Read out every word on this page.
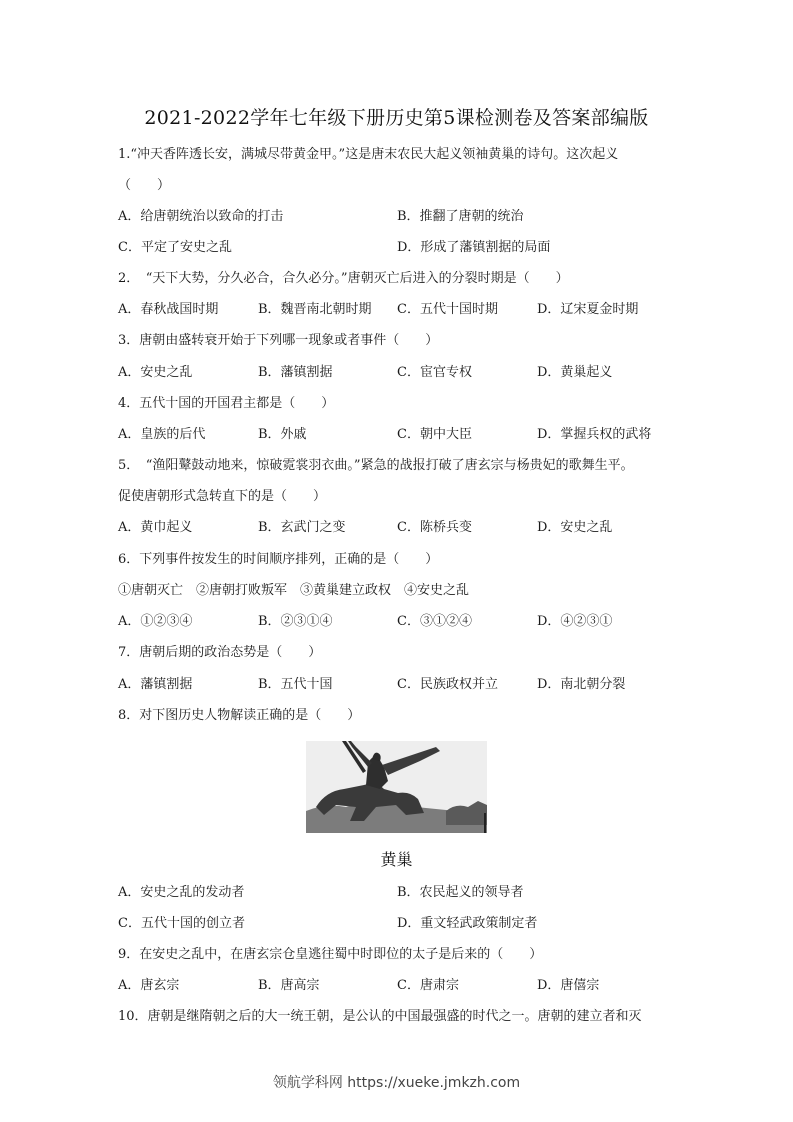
2021-2022学年七年级下册历史第5课检测卷及答案部编版
1.“冲天香阵透长安，满城尽带黄金甲。”这是唐末农民大起义领袖黄巢的诗句。这次起义
（　　）
A．给唐朝统治以致命的打击	B．推翻了唐朝的统治
C．平定了安史之乱	D．形成了藩镇割据的局面
2．　“天下大势，分久必合，合久必分。”唐朝灭亡后进入的分裂时期是（　　）
A．春秋战国时期	B．魏晋南北朝时期 C．五代十国时期	D．辽宋夏金时期
3．唐朝由盛转衰开始于下列哪一现象或者事件（　　）
A．安史之乱	B．藩镇割据	C．宦官专权	D．黄巢起义
4．五代十国的开国君主都是（　　）
A．皇族的后代	B．外戚	C．朝中大臣	D．掌握兵权的武将
5．　“渔阳鼙鼓动地来，惊破霓裳羽衣曲。”紧急的战报打破了唐玄宗与杨贵妃的歌舞生平。
促使唐朝形式急转直下的是（　　）
A．黄巾起义	B．玄武门之变	C．陈桥兵变	D．安史之乱
6．下列事件按发生的时间顺序排列，正确的是（　　）
①唐朝灭亡　②唐朝打败叛军　③黄巢建立政权　④安史之乱
A．①②③④	B．②③①④	C．③①②④	D．④②③①
7．唐朝后期的政治态势是（　　）
A．藩镇割据	B．五代十国	C．民族政权并立	D．南北朝分裂
8．对下图历史人物解读正确的是（　　）
黄巢
A．安史之乱的发动者	B．农民起义的领导者
C．五代十国的创立者	D．重文轻武政策制定者
9．在安史之乱中，在唐玄宗仓皇逃往蜀中时即位的太子是后来的（　　）
A．唐玄宗	B．唐高宗	C．唐肃宗	D．唐僖宗
10．唐朝是继隋朝之后的大一统王朝，是公认的中国最强盛的时代之一。唐朝的建立者和灭
领航学科网 https://xueke.jmkzh.com
